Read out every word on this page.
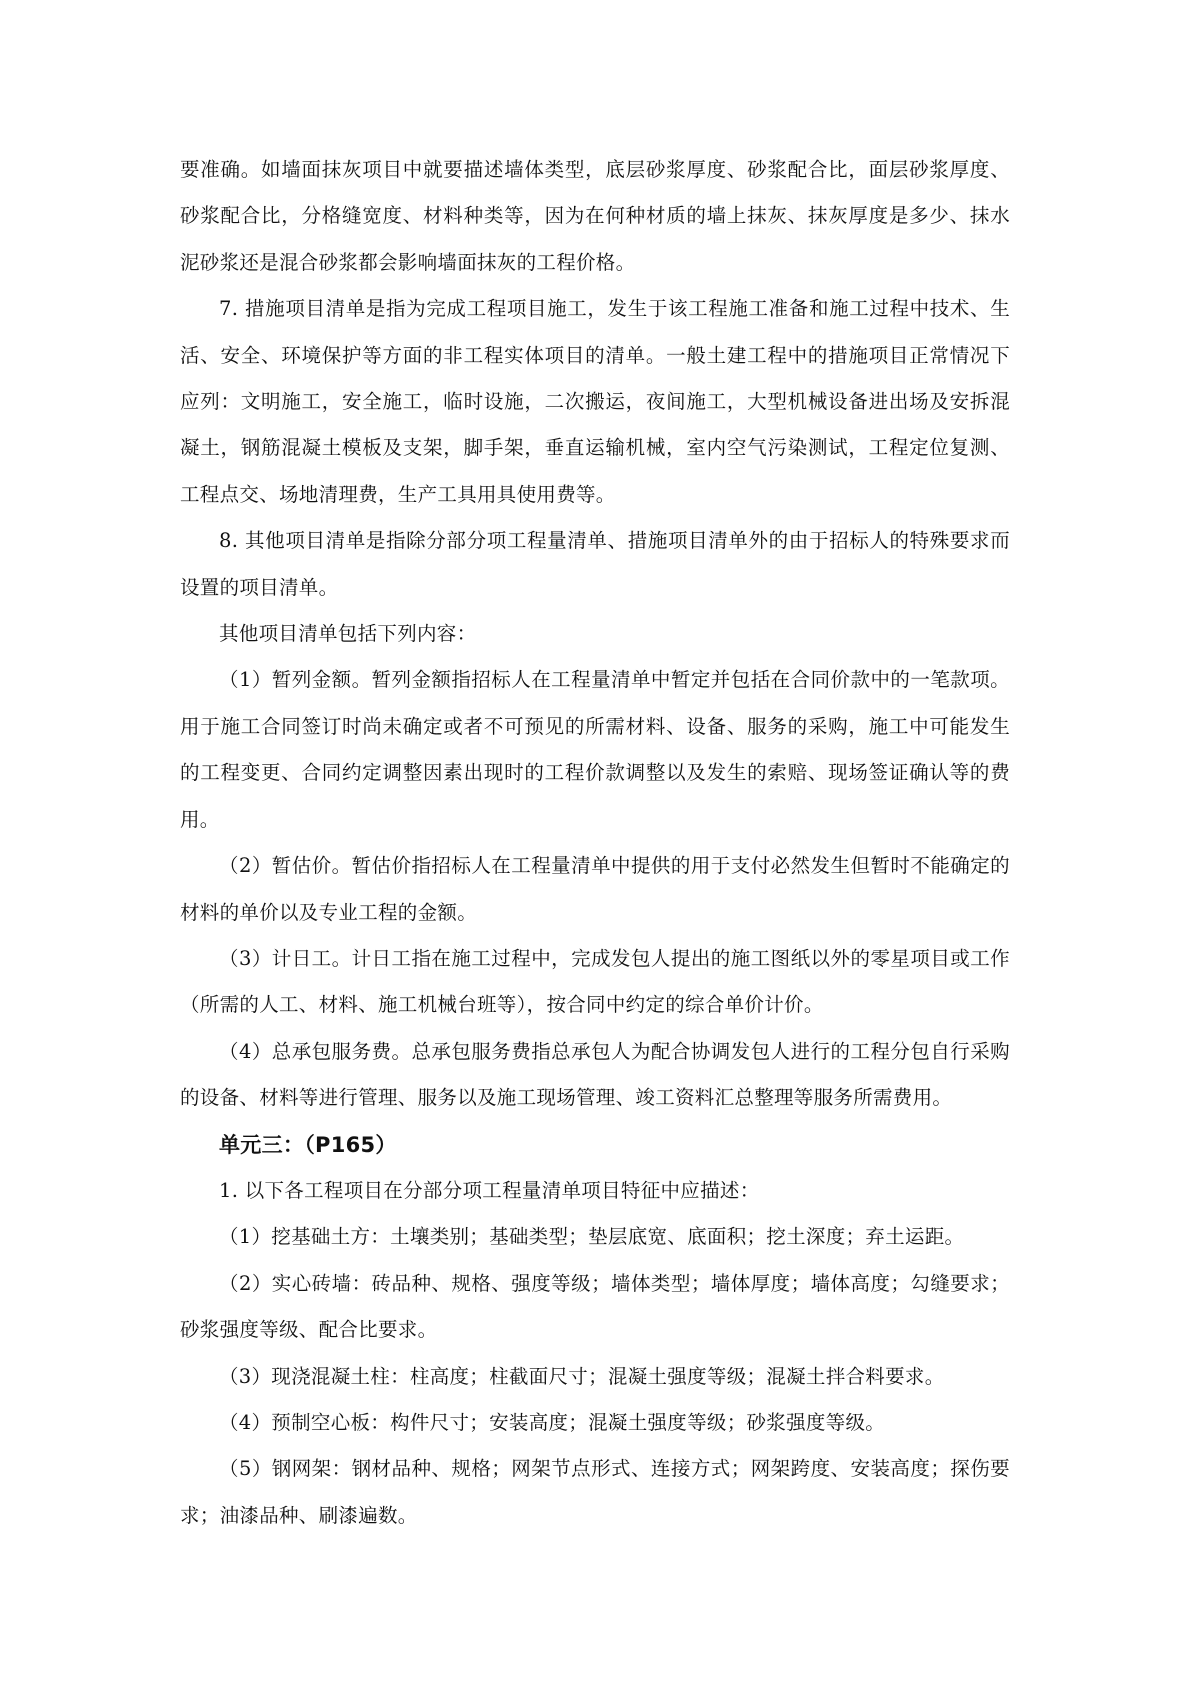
要准确。如墙面抹灰项目中就要描述墙体类型，底层砂浆厚度、砂浆配合比，面层砂浆厚度、砂浆配合比，分格缝宽度、材料种类等，因为在何种材质的墙上抹灰、抹灰厚度是多少、抹水泥砂浆还是混合砂浆都会影响墙面抹灰的工程价格。

7. 措施项目清单是指为完成工程项目施工，发生于该工程施工准备和施工过程中技术、生活、安全、环境保护等方面的非工程实体项目的清单。一般土建工程中的措施项目正常情况下应列：文明施工，安全施工，临时设施，二次搬运，夜间施工，大型机械设备进出场及安拆混凝土，钢筋混凝土模板及支架，脚手架，垂直运输机械，室内空气污染测试，工程定位复测、工程点交、场地清理费，生产工具用具使用费等。

8. 其他项目清单是指除分部分项工程量清单、措施项目清单外的由于招标人的特殊要求而设置的项目清单。

其他项目清单包括下列内容：

（1）暂列金额。暂列金额指招标人在工程量清单中暂定并包括在合同价款中的一笔款项。用于施工合同签订时尚未确定或者不可预见的所需材料、设备、服务的采购，施工中可能发生的工程变更、合同约定调整因素出现时的工程价款调整以及发生的索赔、现场签证确认等的费用。

（2）暂估价。暂估价指招标人在工程量清单中提供的用于支付必然发生但暂时不能确定的材料的单价以及专业工程的金额。

（3）计日工。计日工指在施工过程中，完成发包人提出的施工图纸以外的零星项目或工作（所需的人工、材料、施工机械台班等），按合同中约定的综合单价计价。

（4）总承包服务费。总承包服务费指总承包人为配合协调发包人进行的工程分包自行采购的设备、材料等进行管理、服务以及施工现场管理、竣工资料汇总整理等服务所需费用。

单元三：（P165）

1. 以下各工程项目在分部分项工程量清单项目特征中应描述：

（1）挖基础土方：土壤类别；基础类型；垫层底宽、底面积；挖土深度；弃土运距。

（2）实心砖墙：砖品种、规格、强度等级；墙体类型；墙体厚度；墙体高度；勾缝要求；砂浆强度等级、配合比要求。

（3）现浇混凝土柱：柱高度；柱截面尺寸；混凝土强度等级；混凝土拌合料要求。

（4）预制空心板：构件尺寸；安装高度；混凝土强度等级；砂浆强度等级。

（5）钢网架：钢材品种、规格；网架节点形式、连接方式；网架跨度、安装高度；探伤要求；油漆品种、刷漆遍数。
